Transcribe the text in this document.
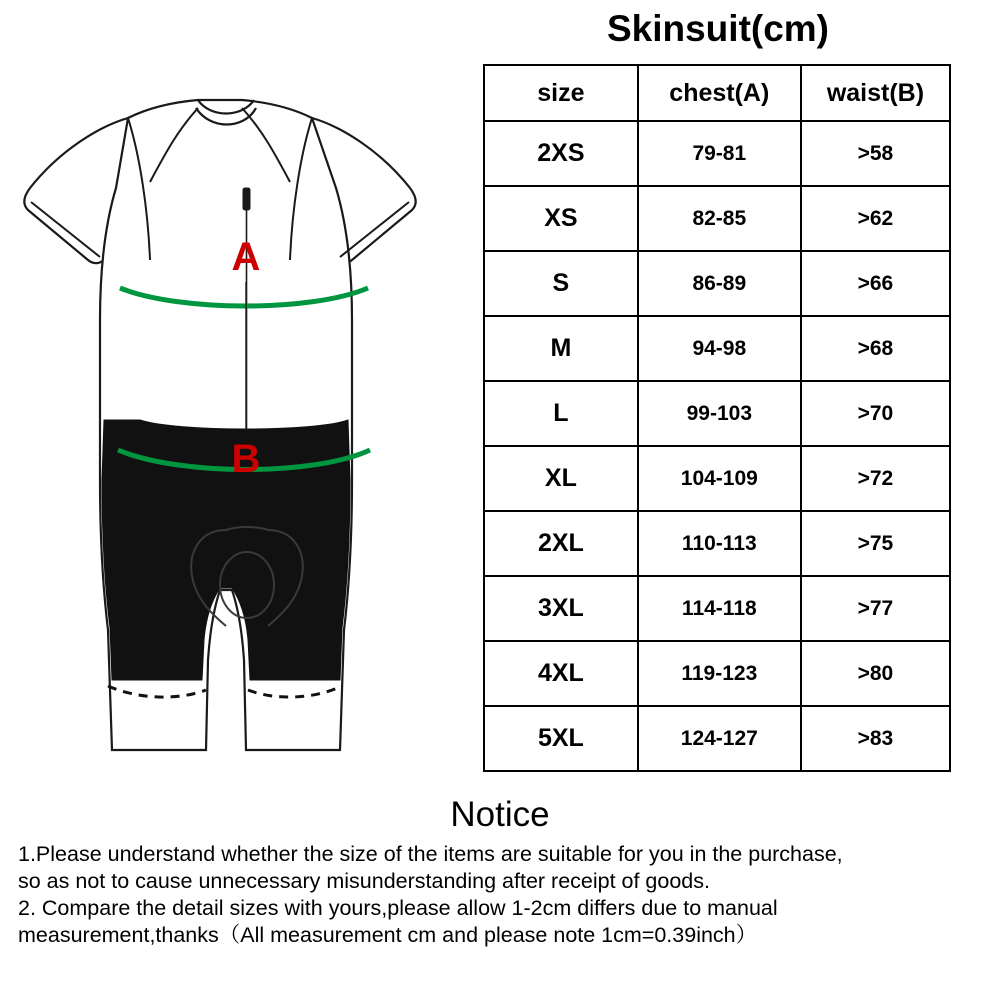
A
B
Skinsuit(cm)
size	chest(A)	waist(B)
2XS	79-81	>58
XS	82-85	>62
S	86-89	>66
M	94-98	>68
L	99-103	>70
XL	104-109	>72
2XL	110-113	>75
3XL	114-118	>77
4XL	119-123	>80
5XL	124-127	>83
Notice
1.Please understand whether the size of the items are suitable for you in the purchase,
so as not to cause unnecessary misunderstanding after receipt of goods.
2. Compare the detail sizes with yours,please allow 1-2cm differs due to manual
measurement,thanks（All measurement cm and please note 1cm=0.39inch）
